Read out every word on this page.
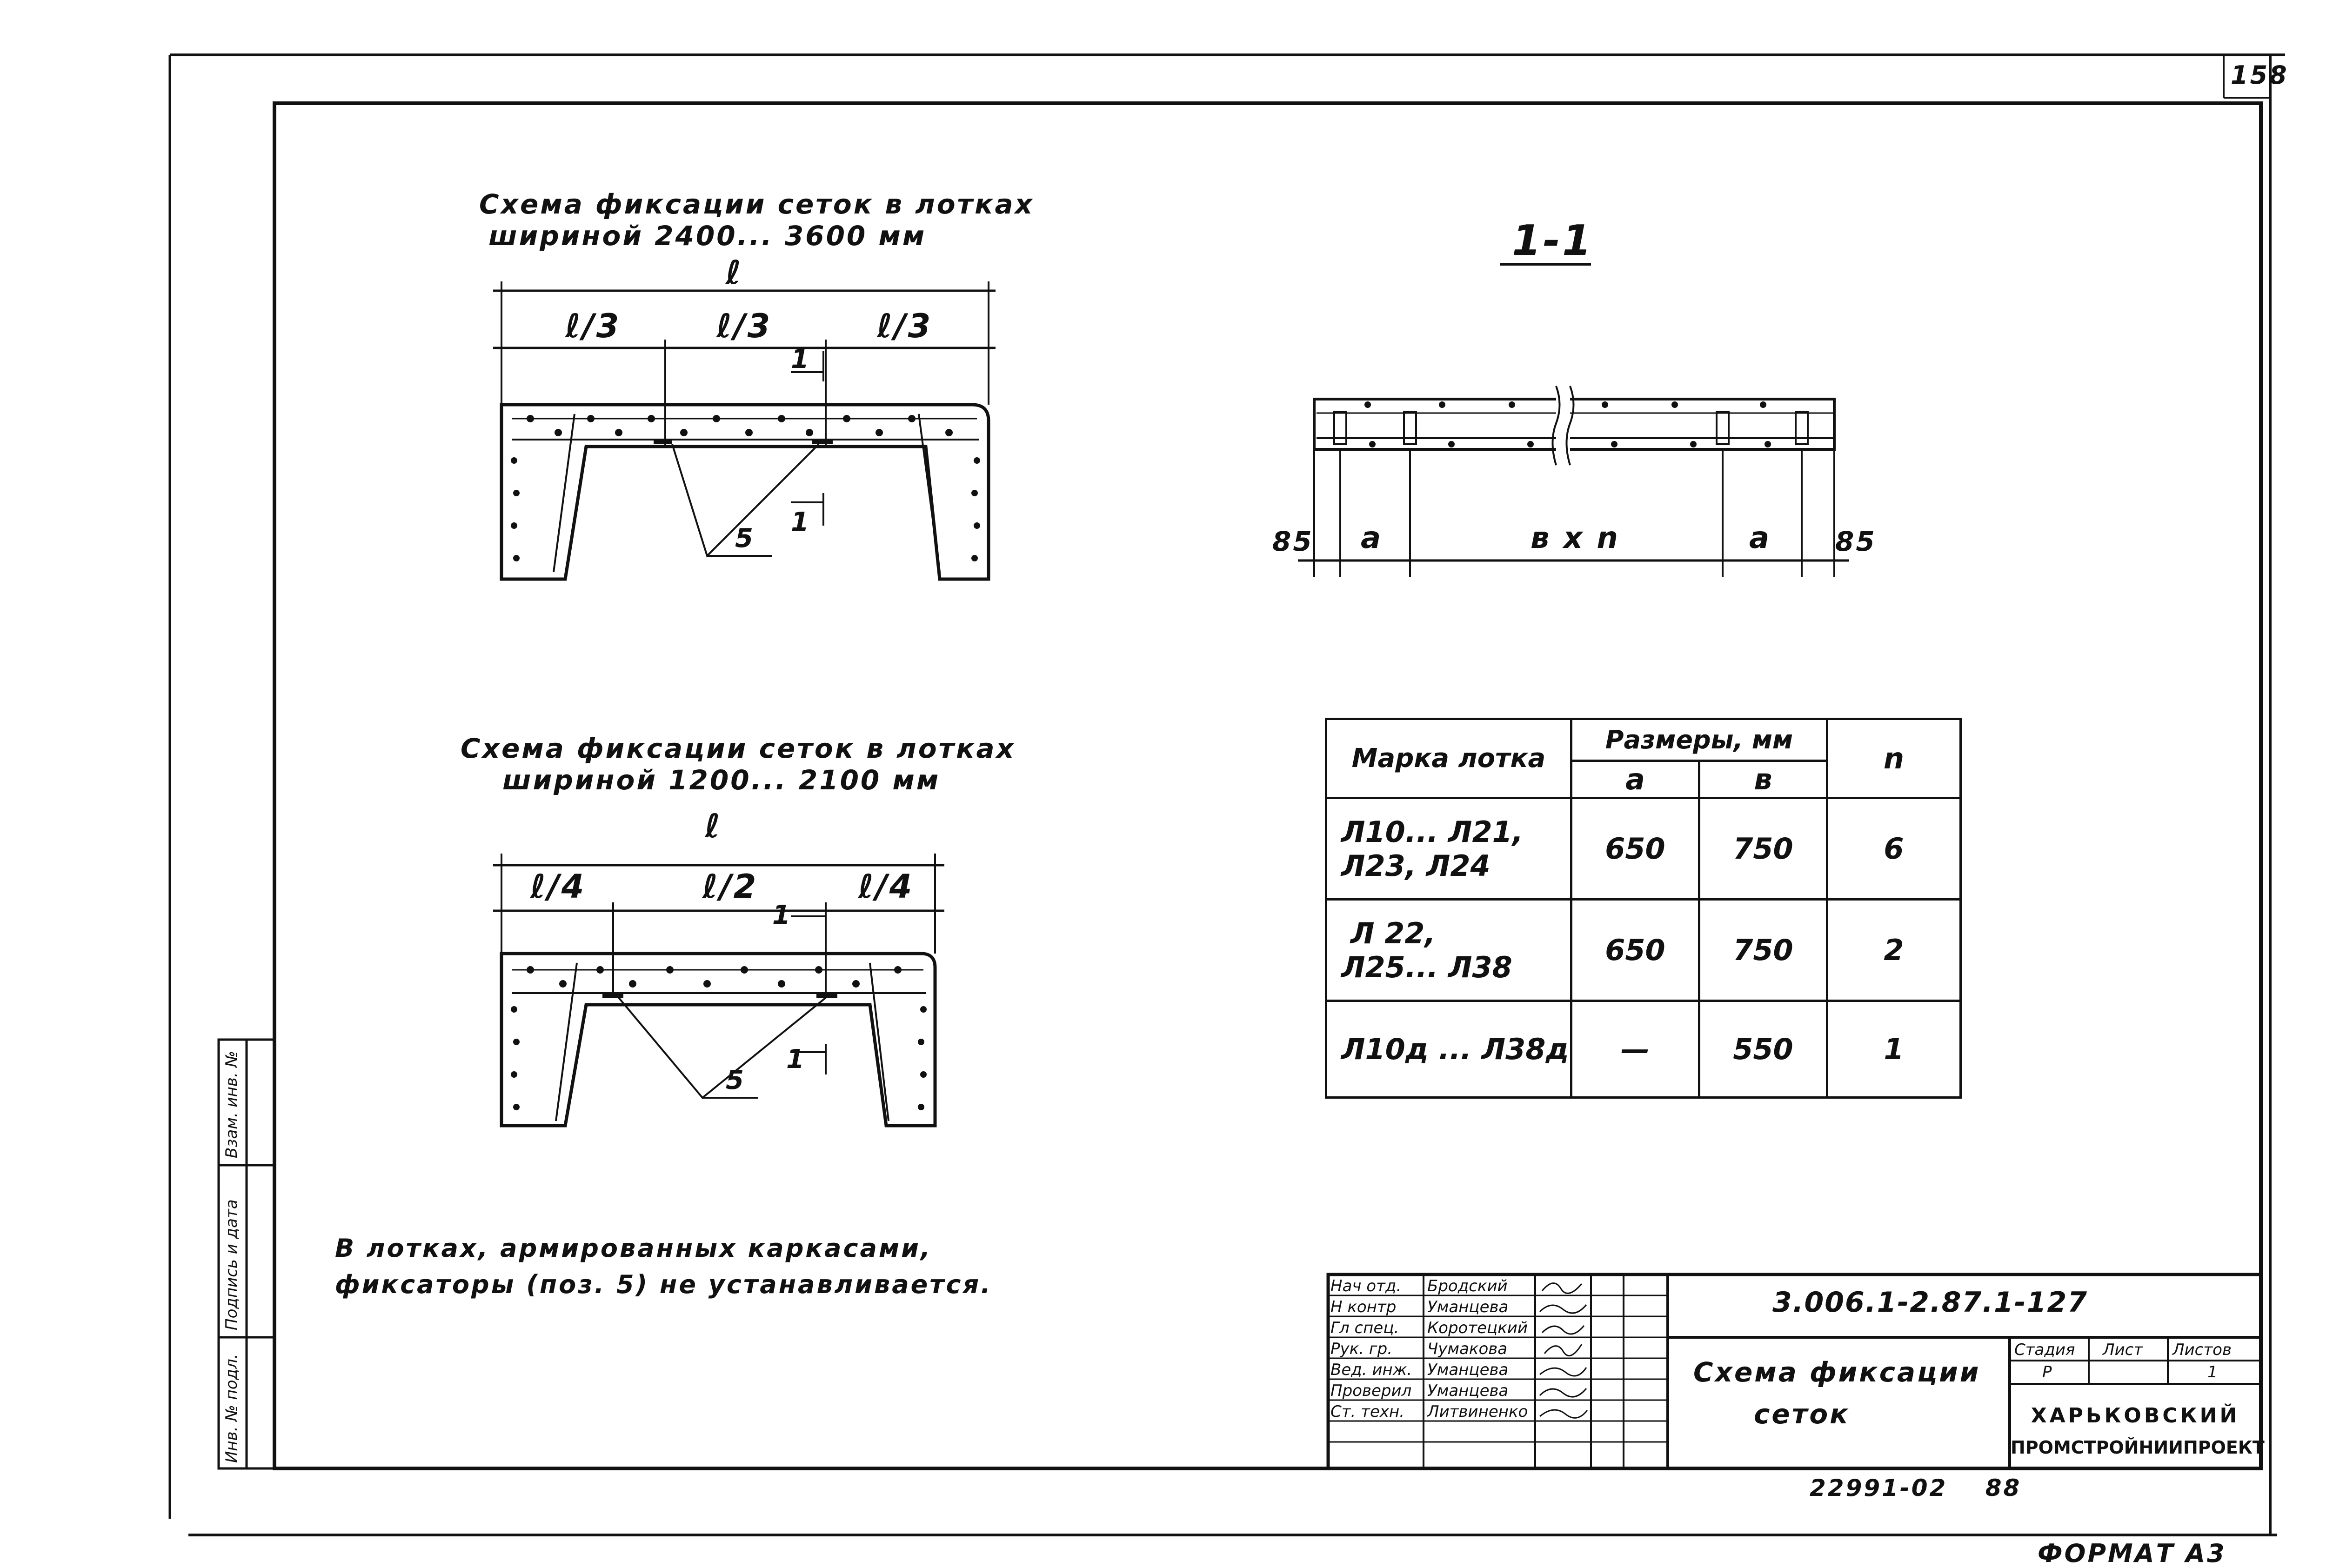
158
Схема фиксации сеток в лотках
шириной 2400... 3600 мм
ℓ
ℓ/3	ℓ/3	ℓ/3
1
1
5
Схема фиксации сеток в лотках
шириной 1200... 2100 мм
ℓ
ℓ/4	ℓ/2	ℓ/4
1
1
5
1-1
85 a	в x n	a 85
Марка лотка	Размеры, мм		n
	a	в	

Л10... Л21,
Л23, Л24	650	750	6

Л 22,
Л25... Л38	650	750	2

Л10д ... Л38д	—	550	1
В лотках, армированных каркасами,
фиксаторы (поз. 5) не устанавливается.
Инв. № подл.
Подпись и дата
Взам. инв. №
Нач отд. Бродский
Н контр Уманцева
Гл спец. Коротецкий
Рук. гр. Чумакова
Вед. инж. Уманцева
Проверил Уманцева
Ст. техн. Литвиненко
3.006.1-2.87.1-127
Схема фиксации
сеток
Стадия Лист Листов
Р	1
ХАРЬКОВСКИЙ
ПРОМСТРОЙНИИПРОЕКТ
22991-02 88
ФОРМАТ А3
